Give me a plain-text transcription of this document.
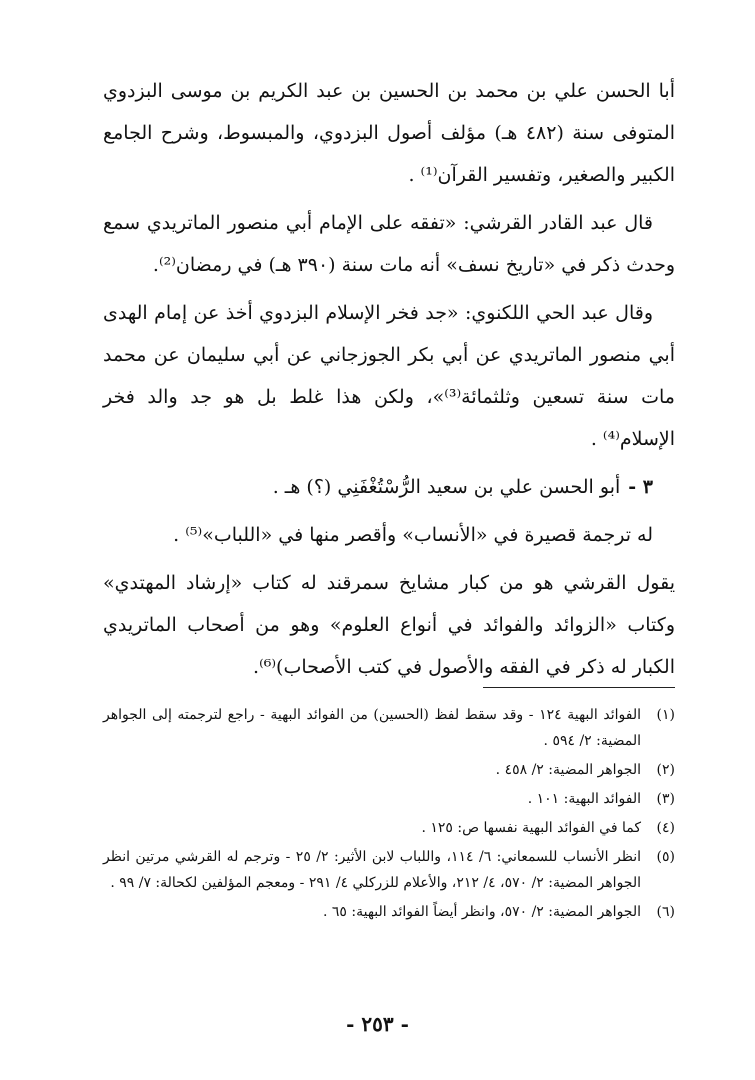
أبا الحسن علي بن محمد بن الحسين بن عبد الكريم بن موسى البزدوي المتوفى سنة (٤٨٢ هـ) مؤلف أصول البزدوي، والمبسوط، وشرح الجامع الكبير والصغير، وتفسير القرآن⁽¹⁾ .

قال عبد القادر القرشي: «تفقه على الإمام أبي منصور الماتريدي سمع وحدث ذكر في «تاريخ نسف» أنه مات سنة (٣٩٠ هـ) في رمضان⁽²⁾.

وقال عبد الحي اللكنوي: «جد فخر الإسلام البزدوي أخذ عن إمام الهدى أبي منصور الماتريدي عن أبي بكر الجوزجاني عن أبي سليمان عن محمد مات سنة تسعين وثلثمائة⁽³⁾»، ولكن هذا غلط بل هو جد والد فخر الإسلام⁽⁴⁾ .

٣ -أبو الحسن علي بن سعيد الرُّسْتُغْفَنِي (؟) هـ .

له ترجمة قصيرة في «الأنساب» وأقصر منها في «اللباب»⁽⁵⁾ .

يقول القرشي هو من كبار مشايخ سمرقند له كتاب «إرشاد المهتدي» وكتاب «الزوائد والفوائد في أنواع العلوم» وهو من أصحاب الماتريدي الكبار له ذكر في الفقه والأصول في كتب الأصحاب)⁽⁶⁾.

(١)
الفوائد البهية ١٢٤ - وقد سقط لفظ (الحسين) من الفوائد البهية - راجع لترجمته إلى الجواهر المضية: ٢/ ٥٩٤ .
(٢)
الجواهر المضية: ٢/ ٤٥٨ .
(٣)
الفوائد البهية: ١٠١ .
(٤)
كما في الفوائد البهية نفسها ص: ١٢٥ .
(٥)
انظر الأنساب للسمعاني: ٦/ ١١٤، واللباب لابن الأثير: ٢/ ٢٥ - وترجم له القرشي مرتين انظر الجواهر المضية: ٢/ ٥٧٠، ٤/ ٢١٢، والأعلام للزركلي ٤/ ٢٩١ - ومعجم المؤلفين لكحالة: ٧/ ٩٩ .
(٦)
الجواهر المضية: ٢/ ٥٧٠، وانظر أيضاً الفوائد البهية: ٦٥ .
- ٢٥٣ -
